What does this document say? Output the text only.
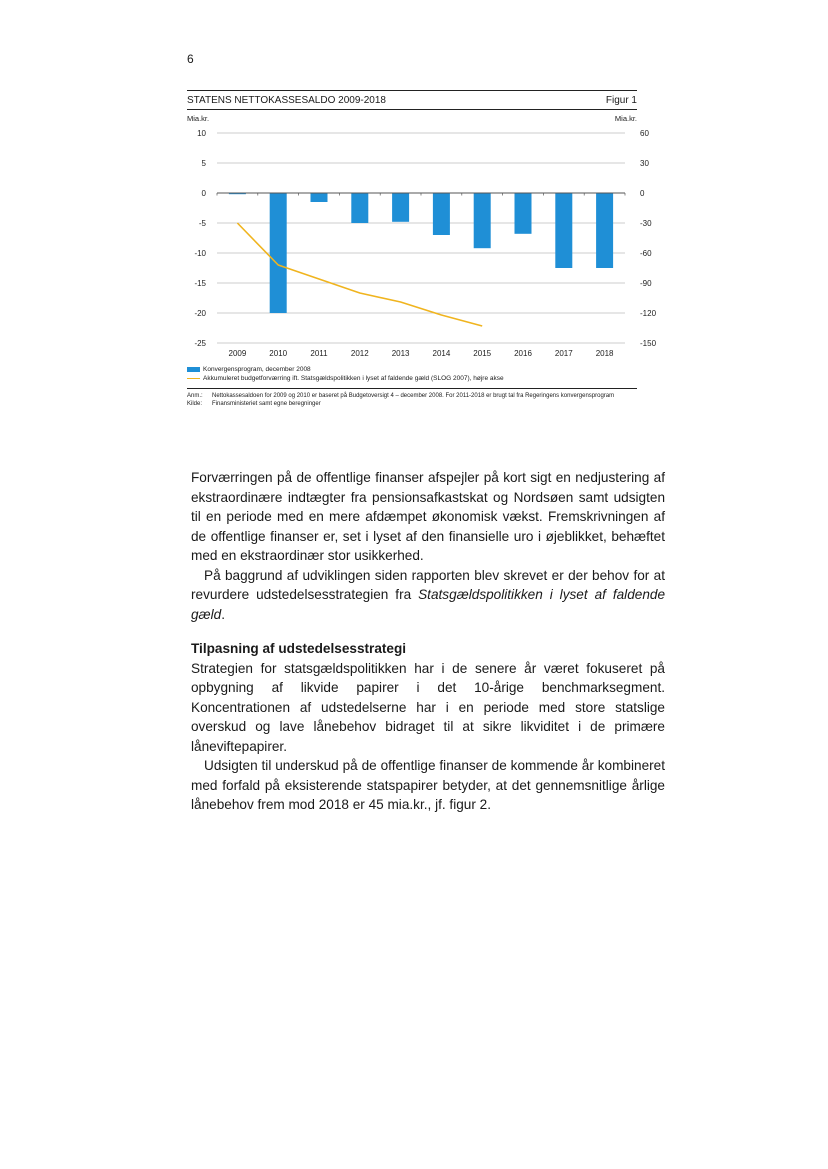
6
STATENS NETTOKASSESALDO 2009-2018	Figur 1
Mia.kr.	Mia.kr.
10
5
0
-5
-10
-15
-20
-25
60
30
0
-30
-60
-90
-120
-150
2009	2010	2011	2012	2013	2014	2015	2016	2017	2018
Konvergensprogram, december 2008
Akkumuleret budgetforværring ift. Statsgældspolitikken i lyset af faldende gæld (SLOG 2007), højre akse
Anm.:	Nettokassesaldoen for 2009 og 2010 er baseret på Budgetoversigt 4 – december 2008. For 2011-2018 er brugt tal fra Regeringens konvergensprogram
Kilde:	Finansministeriet samt egne beregninger

Forværringen på de offentlige finanser afspejler på kort sigt en nedjustering af ekstraordinære indtægter fra pensionsafkastskat og Nordsøen samt udsigten til en periode med en mere afdæmpet økonomisk vækst. Fremskrivningen af de offentlige finanser er, set i lyset af den finansielle uro i øjeblikket, behæftet med en ekstraordinær stor usikkerhed.

På baggrund af udviklingen siden rapporten blev skrevet er der behov for at revurdere udstedelsesstrategien fra Statsgældspolitikken i lyset af faldende gæld.

Tilpasning af udstedelsesstrategi

Strategien for statsgældspolitikken har i de senere år været fokuseret på opbygning af likvide papirer i det 10-årige benchmarksegment. Koncentrationen af udstedelserne har i en periode med store statslige overskud og lave lånebehov bidraget til at sikre likviditet i de primære låneviftepapirer.

Udsigten til underskud på de offentlige finanser de kommende år kombineret med forfald på eksisterende statspapirer betyder, at det gennemsnitlige årlige lånebehov frem mod 2018 er 45 mia.kr., jf. figur 2.
